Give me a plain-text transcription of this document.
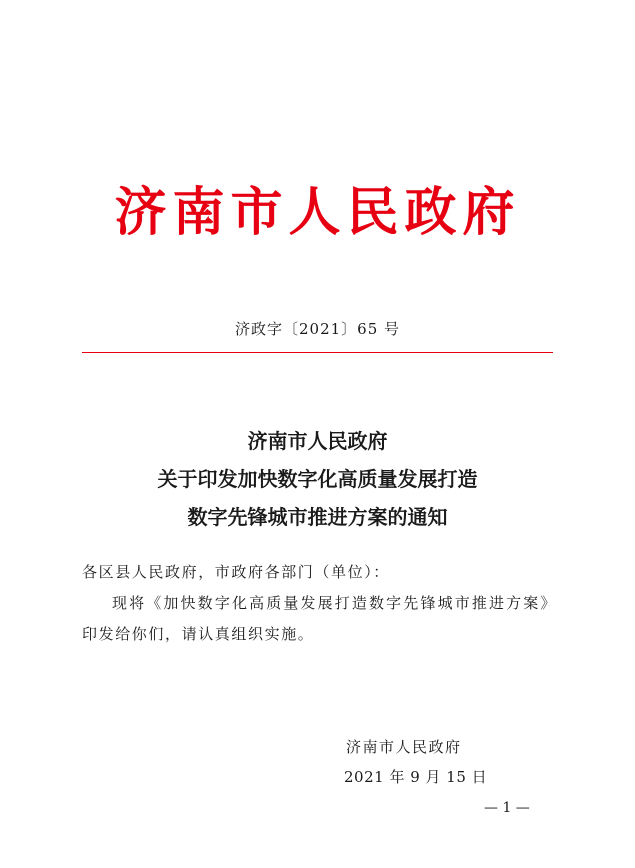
济南市人民政府
济政字〔2021〕65 号
济南市人民政府
关于印发加快数字化高质量发展打造
数字先锋城市推进方案的通知
各区县人民政府，市政府各部门（单位）：
现将《加快数字化高质量发展打造数字先锋城市推进方案》印发给你们，请认真组织实施。
济南市人民政府
2021 年 9 月 15 日
— 1 —
